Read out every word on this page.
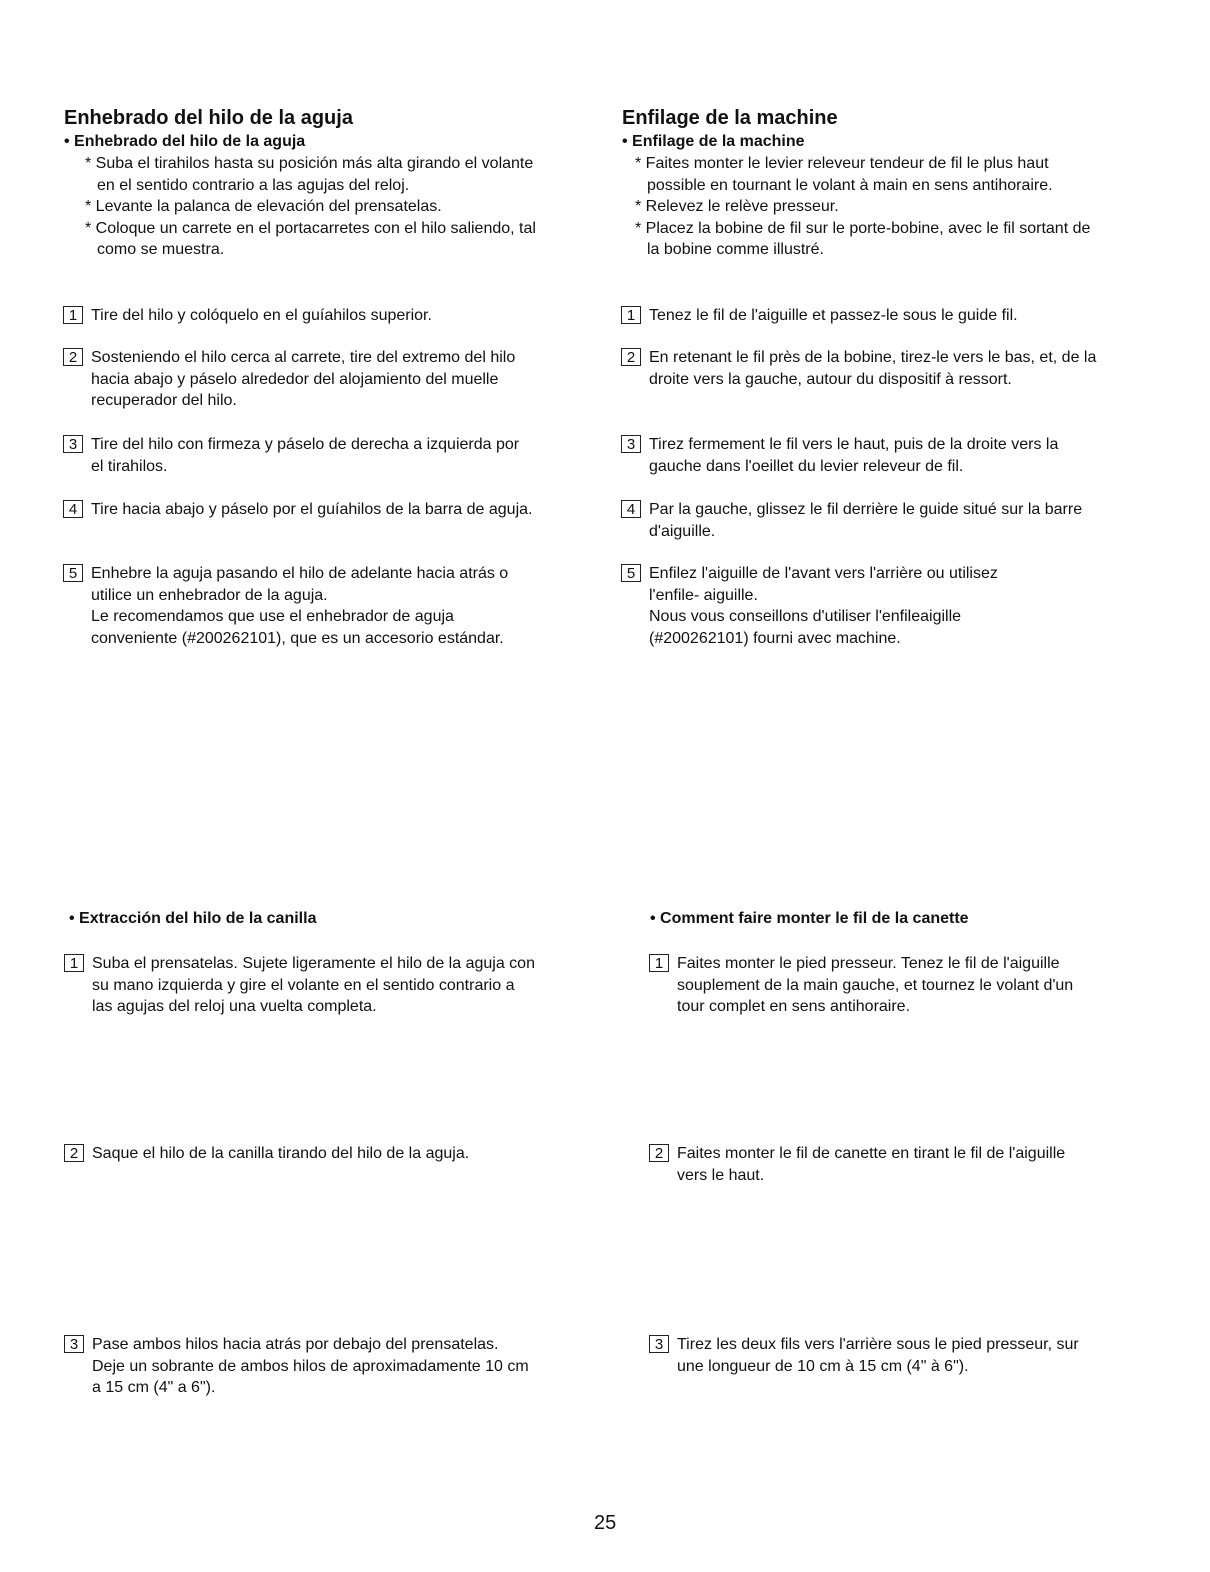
Enhebrado del hilo de la aguja
• Enhebrado del hilo de la aguja
* Suba el tirahilos hasta su posición más alta girando el volante
en el sentido contrario a las agujas del reloj.
* Levante la palanca de elevación del prensatelas.
* Coloque un carrete en el portacarretes con el hilo saliendo, tal
como se muestra.
1 Tire del hilo y colóquelo en el guíahilos superior.
2 Sosteniendo el hilo cerca al carrete, tire del extremo del hilo
hacia abajo y páselo alrededor del alojamiento del muelle
recuperador del hilo.
3 Tire del hilo con firmeza y páselo de derecha a izquierda por
el tirahilos.
4 Tire hacia abajo y páselo por el guíahilos de la barra de aguja.
5 Enhebre la aguja pasando el hilo de adelante hacia atrás o
utilice un enhebrador de la aguja.
Le recomendamos que use el enhebrador de aguja
conveniente (#200262101), que es un accesorio estándar.
• Extracción del hilo de la canilla
1 Suba el prensatelas. Sujete ligeramente el hilo de la aguja con
su mano izquierda y gire el volante en el sentido contrario a
las agujas del reloj una vuelta completa.
2 Saque el hilo de la canilla tirando del hilo de la aguja.
3 Pase ambos hilos hacia atrás por debajo del prensatelas.
Deje un sobrante de ambos hilos de aproximadamente 10 cm
a 15 cm (4" a 6").
Enfilage de la machine
• Enfilage de la machine
* Faites monter le levier releveur tendeur de fil le plus haut
possible en tournant le volant à main en sens antihoraire.
* Relevez le relève presseur.
* Placez la bobine de fil sur le porte-bobine, avec le fil sortant de
la bobine comme illustré.
1 Tenez le fil de l'aiguille et passez-le sous le guide fil.
2 En retenant le fil près de la bobine, tirez-le vers le bas, et, de la
droite vers la gauche, autour du dispositif à ressort.
3 Tirez fermement le fil vers le haut, puis de la droite vers la
gauche dans l'oeillet du levier releveur de fil.
4 Par la gauche, glissez le fil derrière le guide situé sur la barre
d'aiguille.
5 Enfilez l'aiguille de l'avant vers l'arrière ou utilisez
l'enfile- aiguille.
Nous vous conseillons d'utiliser l'enfileaigille
(#200262101) fourni avec machine.
• Comment faire monter le fil de la canette
1 Faites monter le pied presseur. Tenez le fil de l'aiguille
souplement de la main gauche, et tournez le volant d'un
tour complet en sens antihoraire.
2 Faites monter le fil de canette en tirant le fil de l'aiguille
vers le haut.
3 Tirez les deux fils vers l'arrière sous le pied presseur, sur
une longueur de 10 cm à 15 cm (4" à 6").
25
